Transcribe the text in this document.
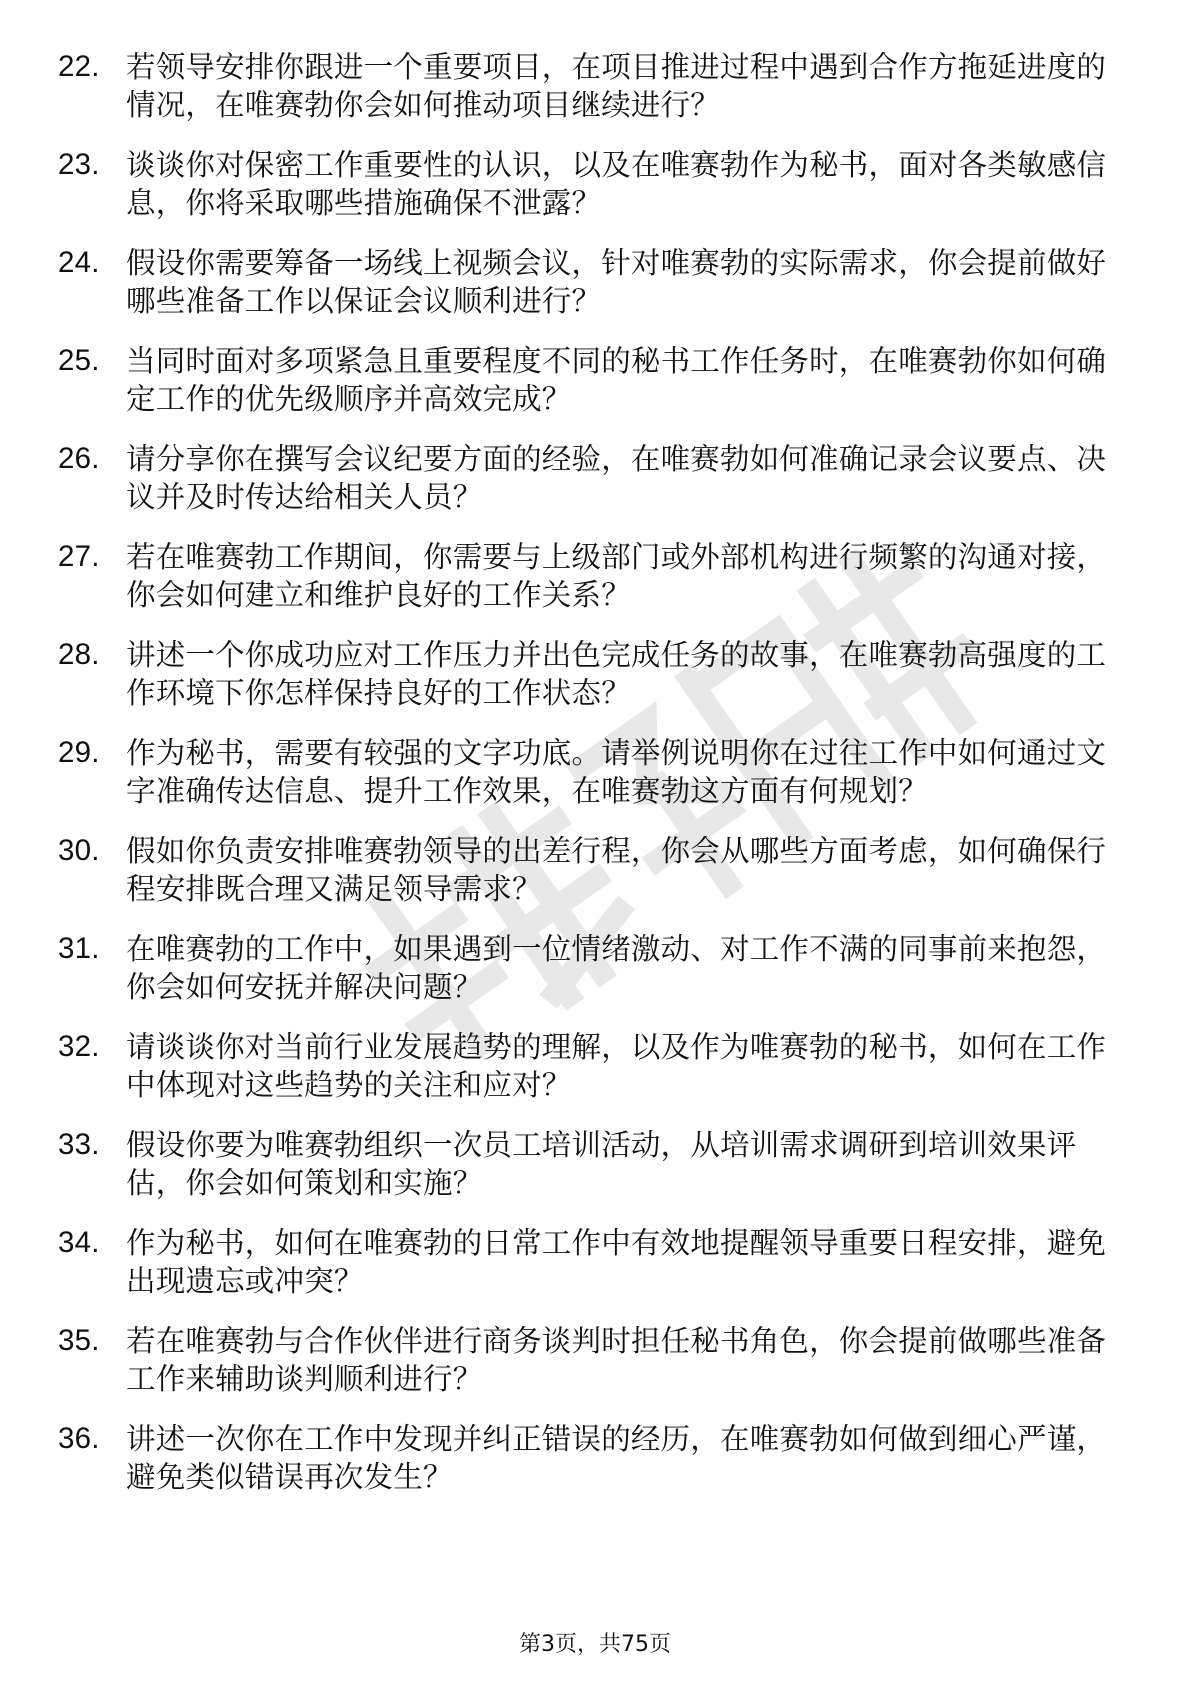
22. 若领导安排你跟进一个重要项目，在项目推进过程中遇到合作方拖延进度的情况，在唯赛勃你会如何推动项目继续进行？
23. 谈谈你对保密工作重要性的认识，以及在唯赛勃作为秘书，面对各类敏感信息，你将采取哪些措施确保不泄露？
24. 假设你需要筹备一场线上视频会议，针对唯赛勃的实际需求，你会提前做好哪些准备工作以保证会议顺利进行？
25. 当同时面对多项紧急且重要程度不同的秘书工作任务时，在唯赛勃你如何确定工作的优先级顺序并高效完成？
26. 请分享你在撰写会议纪要方面的经验，在唯赛勃如何准确记录会议要点、决议并及时传达给相关人员？
27. 若在唯赛勃工作期间，你需要与上级部门或外部机构进行频繁的沟通对接，你会如何建立和维护良好的工作关系？
28. 讲述一个你成功应对工作压力并出色完成任务的故事，在唯赛勃高强度的工作环境下你怎样保持良好的工作状态？
29. 作为秘书，需要有较强的文字功底。请举例说明你在过往工作中如何通过文字准确传达信息、提升工作效果，在唯赛勃这方面有何规划？
30. 假如你负责安排唯赛勃领导的出差行程，你会从哪些方面考虑，如何确保行程安排既合理又满足领导需求？
31. 在唯赛勃的工作中，如果遇到一位情绪激动、对工作不满的同事前来抱怨，你会如何安抚并解决问题？
32. 请谈谈你对当前行业发展趋势的理解，以及作为唯赛勃的秘书，如何在工作中体现对这些趋势的关注和应对？
33. 假设你要为唯赛勃组织一次员工培训活动，从培训需求调研到培训效果评估，你会如何策划和实施？
34. 作为秘书，如何在唯赛勃的日常工作中有效地提醒领导重要日程安排，避免出现遗忘或冲突？
35. 若在唯赛勃与合作伙伴进行商务谈判时担任秘书角色，你会提前做哪些准备工作来辅助谈判顺利进行？
36. 讲述一次你在工作中发现并纠正错误的经历，在唯赛勃如何做到细心严谨，避免类似错误再次发生？
第3页，共75页
